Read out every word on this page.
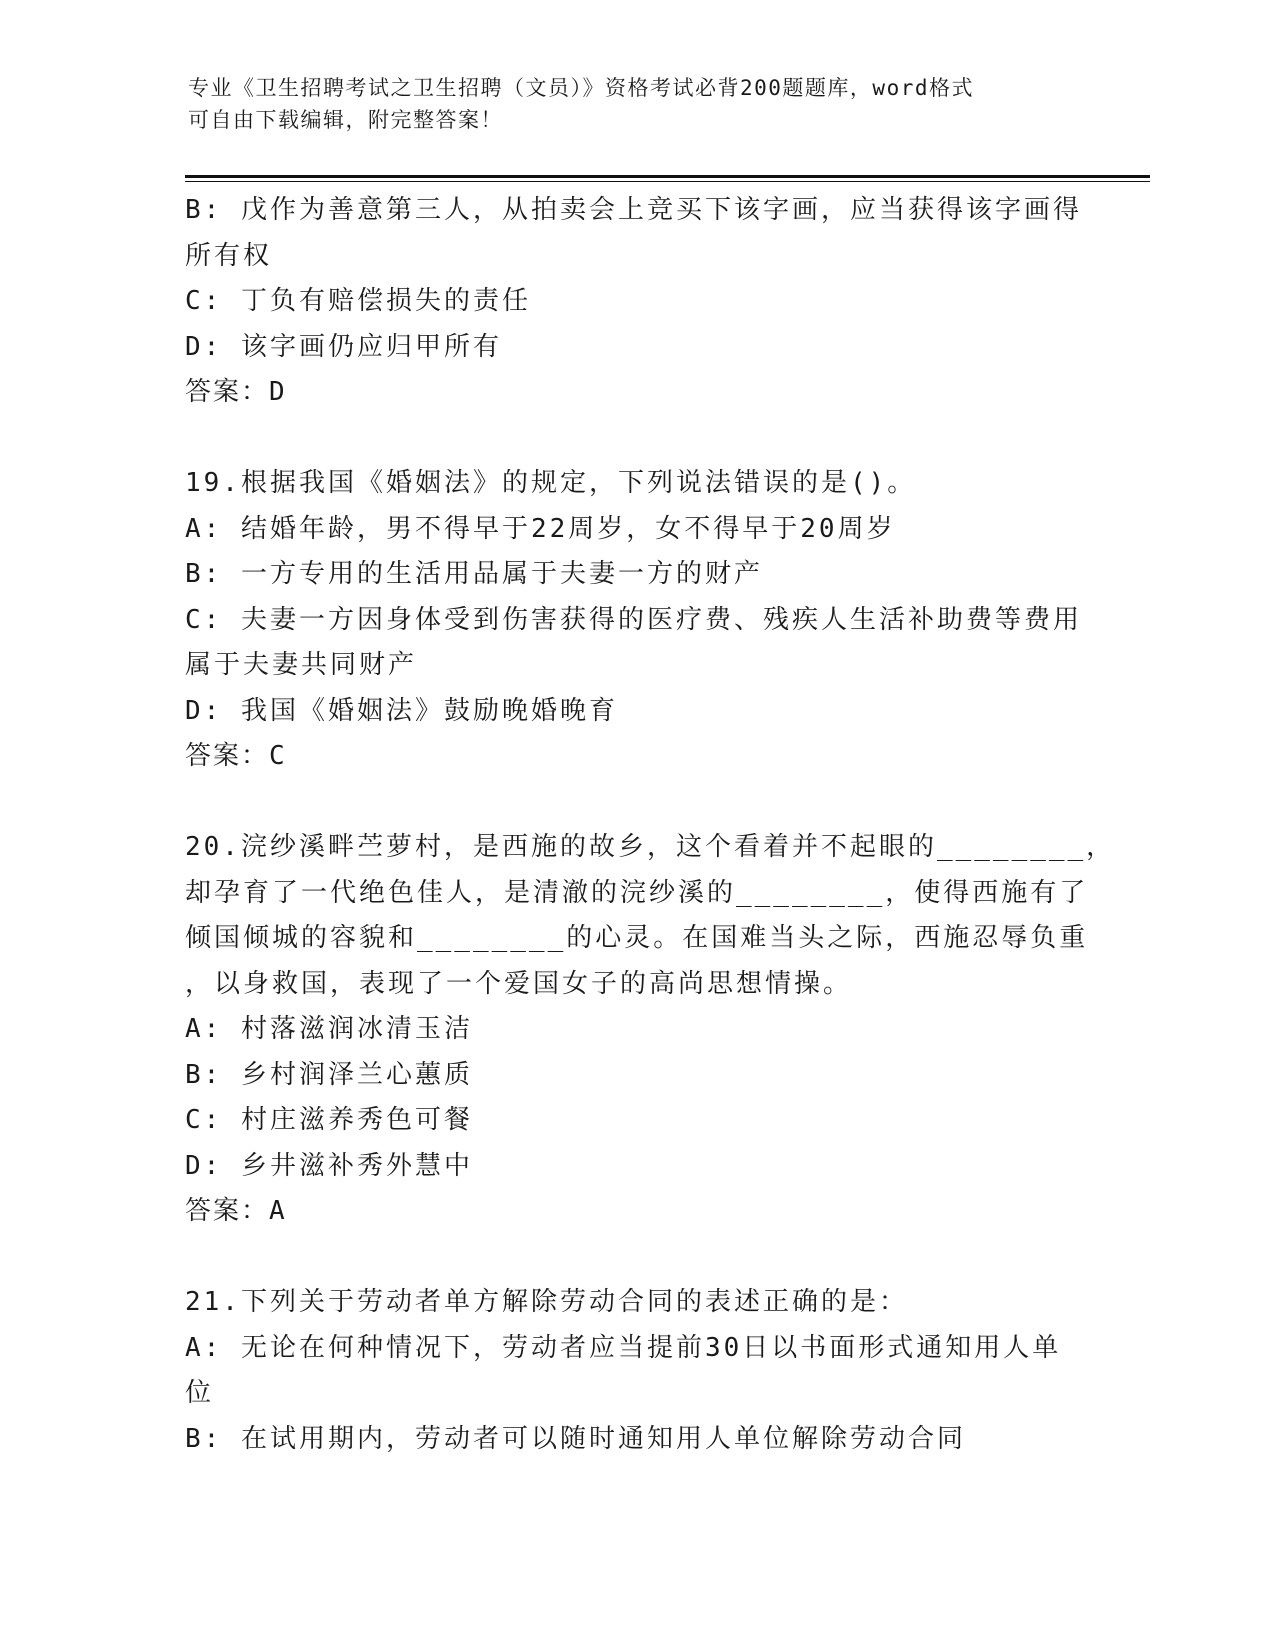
专业《卫生招聘考试之卫生招聘（文员）》资格考试必背200题题库，word格式
可自由下载编辑，附完整答案！
B: 戊作为善意第三人，从拍卖会上竞买下该字画，应当获得该字画得
所有权
C: 丁负有赔偿损失的责任
D: 该字画仍应归甲所有
答案：D
19.根据我国《婚姻法》的规定，下列说法错误的是()。
A: 结婚年龄，男不得早于22周岁，女不得早于20周岁
B: 一方专用的生活用品属于夫妻一方的财产
C: 夫妻一方因身体受到伤害获得的医疗费、残疾人生活补助费等费用
属于夫妻共同财产
D: 我国《婚姻法》鼓励晚婚晚育
答案：C
20.浣纱溪畔苎萝村，是西施的故乡，这个看着并不起眼的________，
却孕育了一代绝色佳人，是清澈的浣纱溪的________，使得西施有了
倾国倾城的容貌和________的心灵。在国难当头之际，西施忍辱负重
，以身救国，表现了一个爱国女子的高尚思想情操。
A: 村落滋润冰清玉洁
B: 乡村润泽兰心蕙质
C: 村庄滋养秀色可餐
D: 乡井滋补秀外慧中
答案：A
21.下列关于劳动者单方解除劳动合同的表述正确的是：
A: 无论在何种情况下，劳动者应当提前30日以书面形式通知用人单
位
B: 在试用期内，劳动者可以随时通知用人单位解除劳动合同
